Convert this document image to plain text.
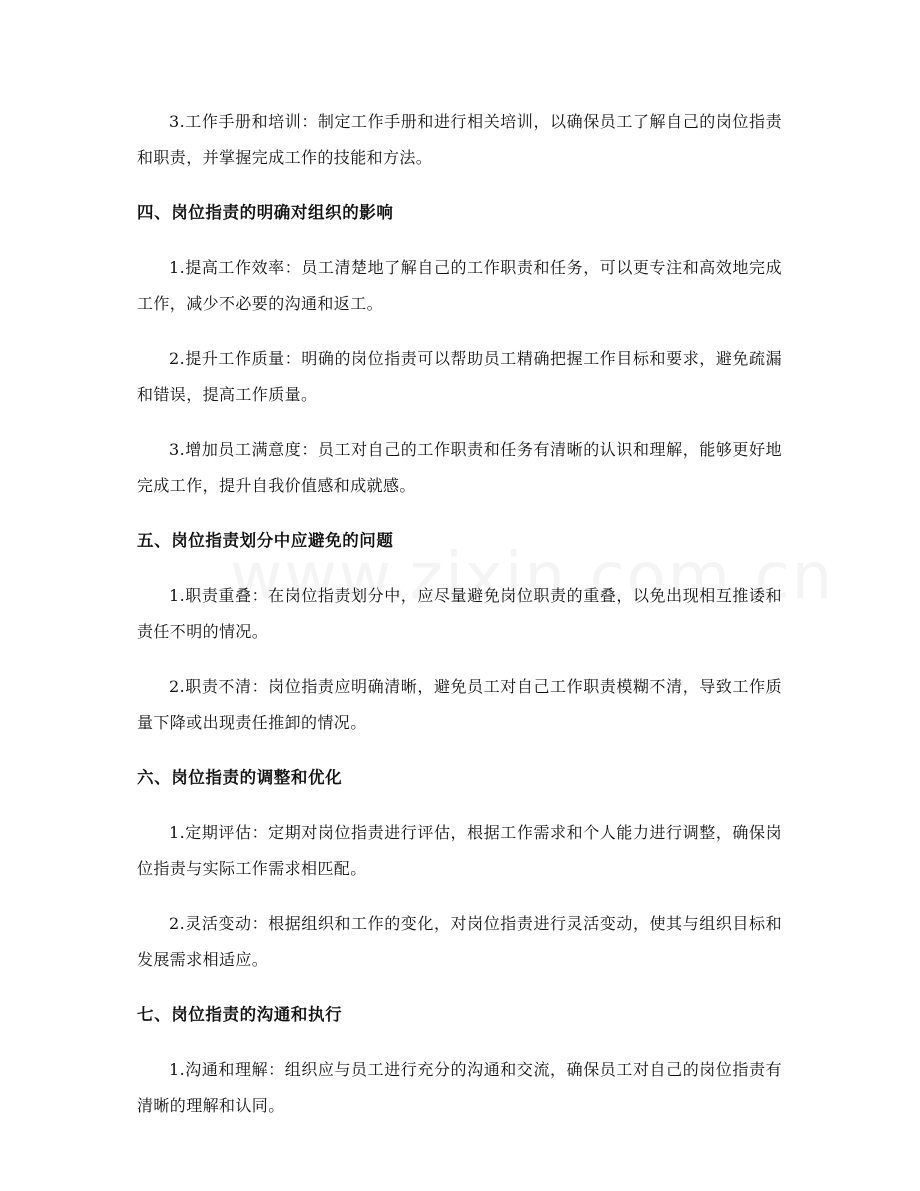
3.工作手册和培训：制定工作手册和进行相关培训，以确保员工了解自己的岗位指责和职责，并掌握完成工作的技能和方法。

四、岗位指责的明确对组织的影响

1.提高工作效率：员工清楚地了解自己的工作职责和任务，可以更专注和高效地完成工作，减少不必要的沟通和返工。

2.提升工作质量：明确的岗位指责可以帮助员工精确把握工作目标和要求，避免疏漏和错误，提高工作质量。

3.增加员工满意度：员工对自己的工作职责和任务有清晰的认识和理解，能够更好地完成工作，提升自我价值感和成就感。

五、岗位指责划分中应避免的问题

1.职责重叠：在岗位指责划分中，应尽量避免岗位职责的重叠，以免出现相互推诿和责任不明的情况。

2.职责不清：岗位指责应明确清晰，避免员工对自己工作职责模糊不清，导致工作质量下降或出现责任推卸的情况。

六、岗位指责的调整和优化

1.定期评估：定期对岗位指责进行评估，根据工作需求和个人能力进行调整，确保岗位指责与实际工作需求相匹配。

2.灵活变动：根据组织和工作的变化，对岗位指责进行灵活变动，使其与组织目标和发展需求相适应。

七、岗位指责的沟通和执行

1.沟通和理解：组织应与员工进行充分的沟通和交流，确保员工对自己的岗位指责有清晰的理解和认同。
